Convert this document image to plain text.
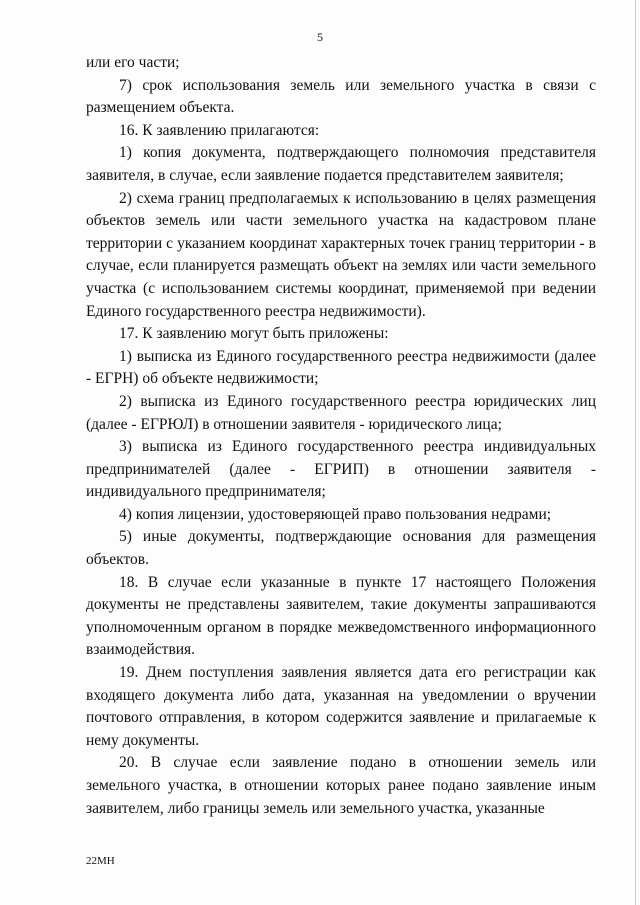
5

или его части;

7) срок использования земель или земельного участка в связи с размещением объекта.

16. К заявлению прилагаются:

1) копия документа, подтверждающего полномочия представителя заявителя, в случае, если заявление подается представителем заявителя;

2) схема границ предполагаемых к использованию в целях размещения объектов земель или части земельного участка на кадастровом плане территории с указанием координат характерных точек границ территории - в случае, если планируется размещать объект на землях или части земельного участка (с использованием системы координат, применяемой при ведении Единого государственного реестра недвижимости).

17. К заявлению могут быть приложены:

1) выписка из Единого государственного реестра недвижимости (далее - ЕГРН) об объекте недвижимости;

2) выписка из Единого государственного реестра юридических лиц (далее - ЕГРЮЛ) в отношении заявителя - юридического лица;

3) выписка из Единого государственного реестра индивидуальных предпринимателей (далее - ЕГРИП) в отношении заявителя - индивидуального предпринимателя;

4) копия лицензии, удостоверяющей право пользования недрами;

5) иные документы, подтверждающие основания для размещения объектов.

18. В случае если указанные в пункте 17 настоящего Положения документы не представлены заявителем, такие документы запрашиваются уполномоченным органом в порядке межведомственного информационного взаимодействия.

19. Днем поступления заявления является дата его регистрации как входящего документа либо дата, указанная на уведомлении о вручении почтового отправления, в котором содержится заявление и прилагаемые к нему документы.

20. В случае если заявление подано в отношении земель или земельного участка, в отношении которых ранее подано заявление иным заявителем, либо границы земель или земельного участка, указанные

22МН
